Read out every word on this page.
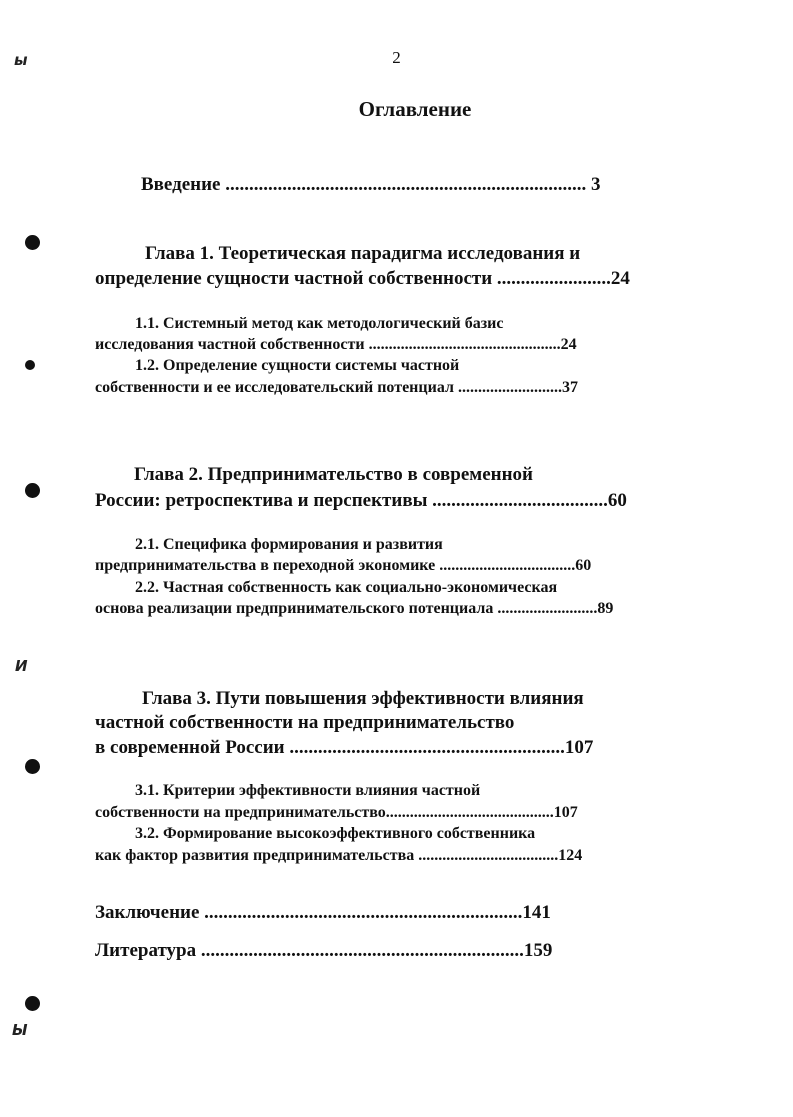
2
Оглавление
Введение ............................................................................ 3
Глава 1. Теоретическая парадигма исследования и
определение сущности частной собственности ........................24
1.1. Системный метод как методологический базис
исследования частной собственности ................................................24
1.2. Определение сущности системы частной
собственности и ее исследовательский потенциал ..........................37
Глава 2. Предпринимательство в современной
России: ретроспектива и перспективы .....................................60
2.1. Специфика формирования и развития
предпринимательства в переходной экономике ..................................60
2.2. Частная собственность как социально-экономическая
основа реализации предпринимательского потенциала .........................89
Глава 3. Пути повышения эффективности влияния
частной собственности на предпринимательство
в современной России ..........................................................107
3.1. Критерии эффективности влияния частной
собственности на предпринимательство..........................................107
3.2. Формирование высокоэффективного собственника
как фактор развития предпринимательства ...................................124
Заключение ...................................................................141
Литература ....................................................................159
ы
И
Ы
